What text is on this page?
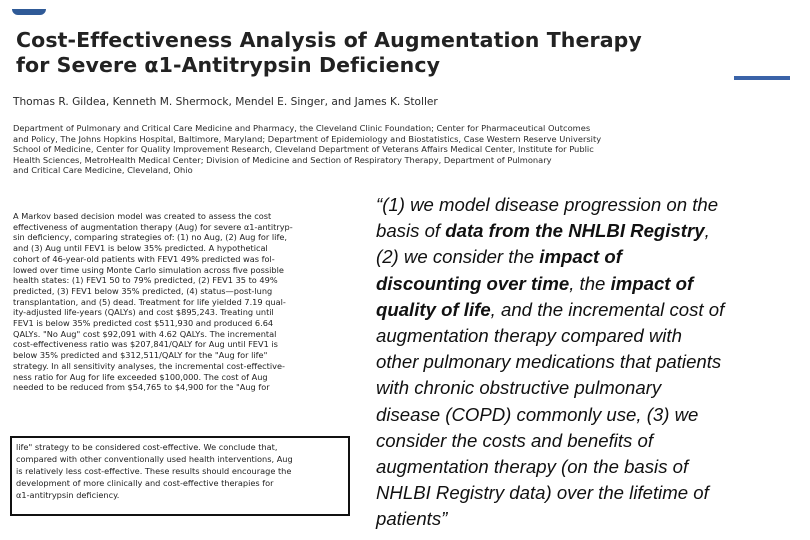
Cost-Effectiveness Analysis of Augmentation Therapy
for Severe α1-Antitrypsin Deficiency
Thomas R. Gildea, Kenneth M. Shermock, Mendel E. Singer, and James K. Stoller
Department of Pulmonary and Critical Care Medicine and Pharmacy, the Cleveland Clinic Foundation; Center for Pharmaceutical Outcomes
and Policy, The Johns Hopkins Hospital, Baltimore, Maryland; Department of Epidemiology and Biostatistics, Case Western Reserve University
School of Medicine, Center for Quality Improvement Research, Cleveland Department of Veterans Affairs Medical Center, Institute for Public
Health Sciences, MetroHealth Medical Center; Division of Medicine and Section of Respiratory Therapy, Department of Pulmonary
and Critical Care Medicine, Cleveland, Ohio
A Markov based decision model was created to assess the cost
effectiveness of augmentation therapy (Aug) for severe α1-antitryp-
sin deficiency, comparing strategies of: (1) no Aug, (2) Aug for life,
and (3) Aug until FEV1 is below 35% predicted. A hypothetical
cohort of 46-year-old patients with FEV1 49% predicted was fol-
lowed over time using Monte Carlo simulation across five possible
health states: (1) FEV1 50 to 79% predicted, (2) FEV1 35 to 49%
predicted, (3) FEV1 below 35% predicted, (4) status—post-lung
transplantation, and (5) dead. Treatment for life yielded 7.19 qual-
ity-adjusted life-years (QALYs) and cost $895,243. Treating until
FEV1 is below 35% predicted cost $511,930 and produced 6.64
QALYs. "No Aug" cost $92,091 with 4.62 QALYs. The incremental
cost-effectiveness ratio was $207,841/QALY for Aug until FEV1 is
below 35% predicted and $312,511/QALY for the "Aug for life"
strategy. In all sensitivity analyses, the incremental cost-effective-
ness ratio for Aug for life exceeded $100,000. The cost of Aug
needed to be reduced from $54,765 to $4,900 for the "Aug for
life" strategy to be considered cost-effective. We conclude that,
compared with other conventionally used health interventions, Aug
is relatively less cost-effective. These results should encourage the
development of more clinically and cost-effective therapies for
α1-antitrypsin deficiency.
“(1) we model disease progression on the
basis of data from the NHLBI Registry,
(2) we consider the impact of
discounting over time, the impact of
quality of life, and the incremental cost of
augmentation therapy compared with
other pulmonary medications that patients
with chronic obstructive pulmonary
disease (COPD) commonly use, (3) we
consider the costs and benefits of
augmentation therapy (on the basis of
NHLBI Registry data) over the lifetime of
patients”
